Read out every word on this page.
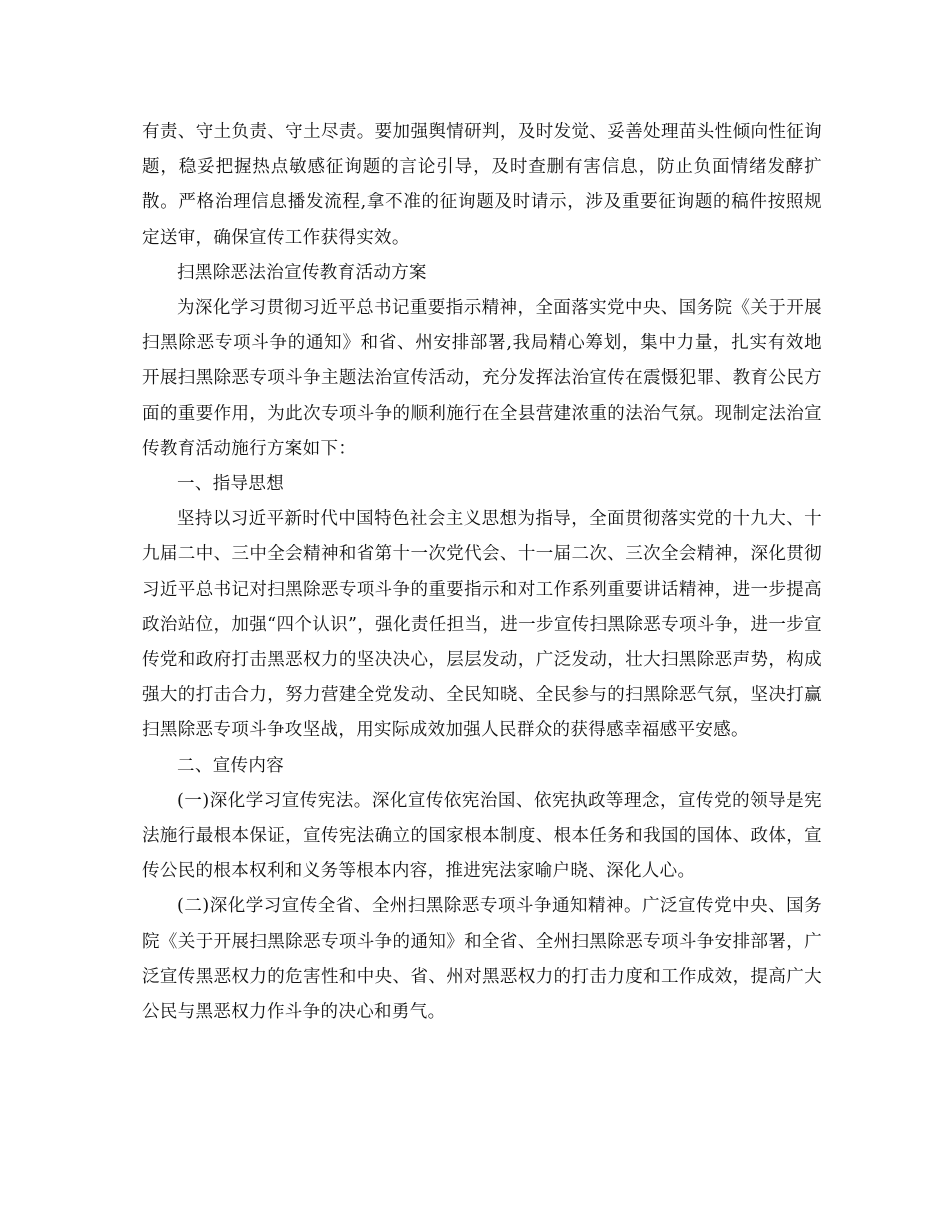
有责、守土负责、守土尽责。要加强舆情研判，及时发觉、妥善处理苗头性倾向性征询题，稳妥把握热点敏感征询题的言论引导，及时查删有害信息，防止负面情绪发酵扩散。严格治理信息播发流程,拿不准的征询题及时请示，涉及重要征询题的稿件按照规定送审，确保宣传工作获得实效。

扫黑除恶法治宣传教育活动方案

为深化学习贯彻习近平总书记重要指示精神，全面落实党中央、国务院《关于开展扫黑除恶专项斗争的通知》和省、州安排部署,我局精心筹划，集中力量，扎实有效地开展扫黑除恶专项斗争主题法治宣传活动，充分发挥法治宣传在震慑犯罪、教育公民方面的重要作用，为此次专项斗争的顺利施行在全县营建浓重的法治气氛。现制定法治宣传教育活动施行方案如下：

一、指导思想

坚持以习近平新时代中国特色社会主义思想为指导，全面贯彻落实党的十九大、十九届二中、三中全会精神和省第十一次党代会、十一届二次、三次全会精神，深化贯彻习近平总书记对扫黑除恶专项斗争的重要指示和对工作系列重要讲话精神，进一步提高政治站位，加强“四个认识”，强化责任担当，进一步宣传扫黑除恶专项斗争，进一步宣传党和政府打击黑恶权力的坚决决心，层层发动，广泛发动，壮大扫黑除恶声势，构成强大的打击合力，努力营建全党发动、全民知晓、全民参与的扫黑除恶气氛，坚决打赢扫黑除恶专项斗争攻坚战，用实际成效加强人民群众的获得感幸福感平安感。

二、宣传内容

(一)深化学习宣传宪法。深化宣传依宪治国、依宪执政等理念，宣传党的领导是宪法施行最根本保证，宣传宪法确立的国家根本制度、根本任务和我国的国体、政体，宣传公民的根本权利和义务等根本内容，推进宪法家喻户晓、深化人心。

(二)深化学习宣传全省、全州扫黑除恶专项斗争通知精神。广泛宣传党中央、国务院《关于开展扫黑除恶专项斗争的通知》和全省、全州扫黑除恶专项斗争安排部署，广泛宣传黑恶权力的危害性和中央、省、州对黑恶权力的打击力度和工作成效，提高广大公民与黑恶权力作斗争的决心和勇气。
